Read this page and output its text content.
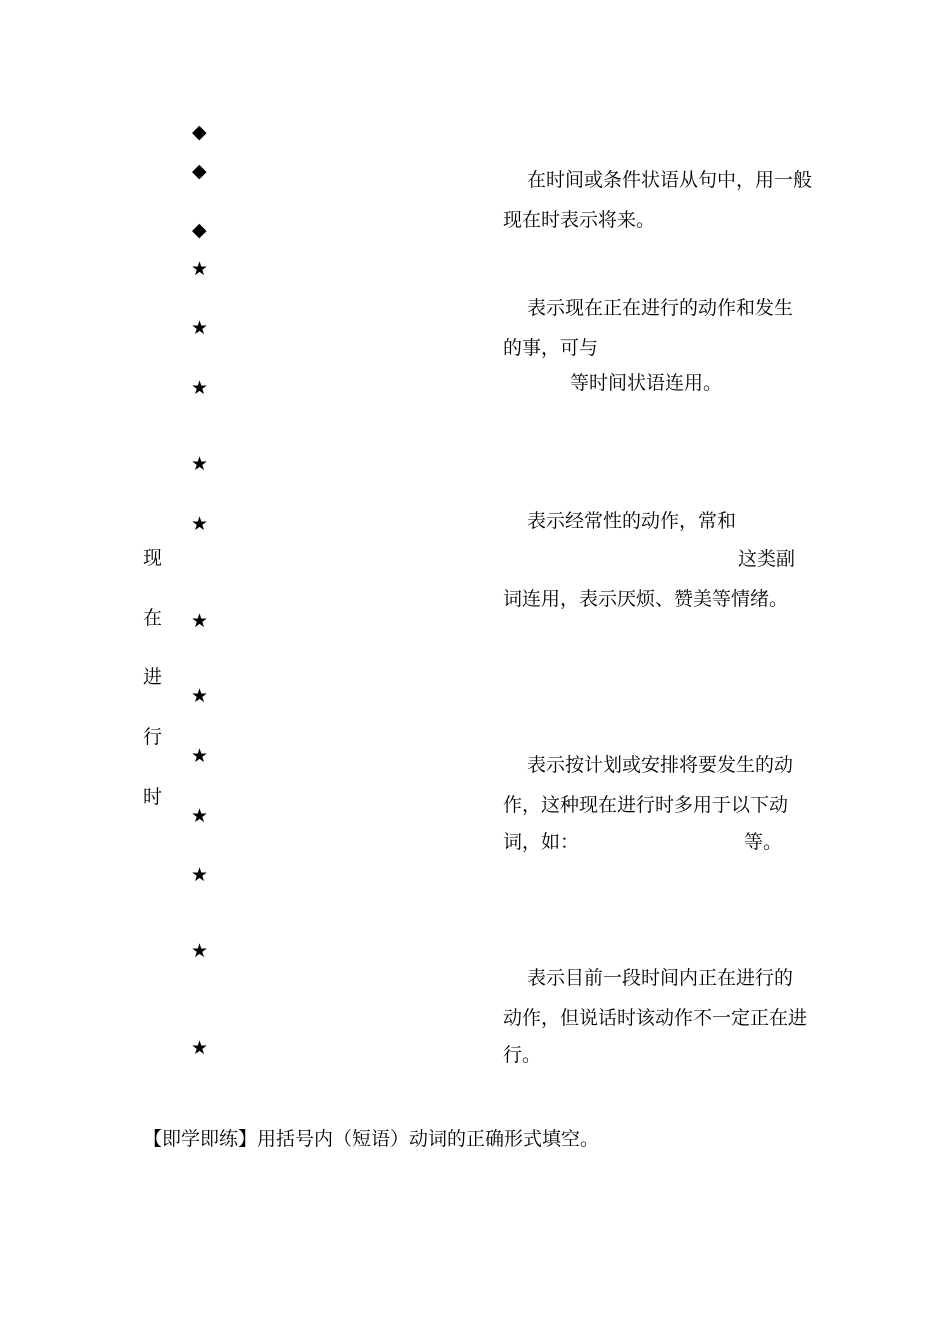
◆
◆
◆
★
★
★
★
★
★
★
★
★
★
★
★
现
在
进
行
时
在时间或条件状语从句中，用一般
现在时表示将来。
表示现在正在进行的动作和发生
的事，可与
等时间状语连用。
表示经常性的动作，常和
这类副
词连用，表示厌烦、赞美等情绪。
表示按计划或安排将要发生的动
作，这种现在进行时多用于以下动
词，如：	等。
表示目前一段时间内正在进行的
动作，但说话时该动作不一定正在进
行。
【即学即练】用括号内（短语）动词的正确形式填空。
